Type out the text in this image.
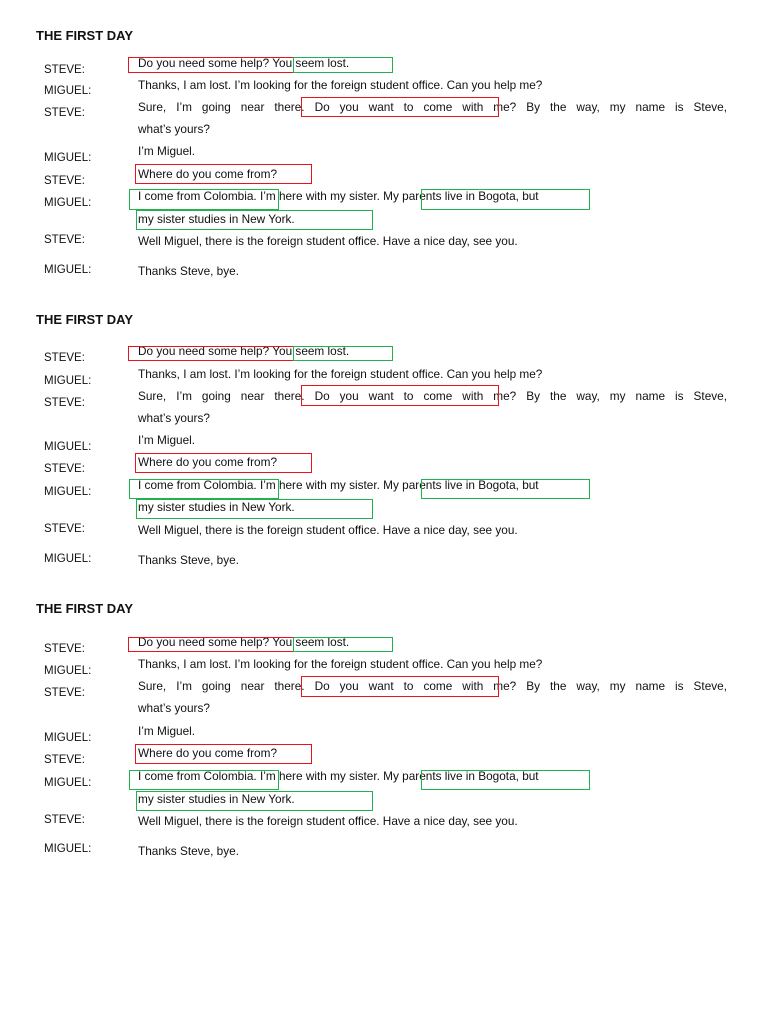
THE FIRST DAY
STEVE:
MIGUEL:
STEVE:
MIGUEL:
STEVE:
MIGUEL:
STEVE:
MIGUEL:
Do you need some help? You seem lost.
Thanks, I am lost. I’m looking for the foreign student office. Can you help me?
Sure, I’m going near there. Do you want to come with me? By the way, my name is Steve,
what’s yours?
I’m Miguel.
Where do you come from?
I come from Colombia. I’m here with my sister. My parents live in Bogota, but
my sister studies in New York.
Well Miguel, there is the foreign student office. Have a nice day, see you.
Thanks Steve, bye.
THE FIRST DAY
STEVE:
MIGUEL:
STEVE:
MIGUEL:
STEVE:
MIGUEL:
STEVE:
MIGUEL:
Do you need some help? You seem lost.
Thanks, I am lost. I’m looking for the foreign student office. Can you help me?
Sure, I’m going near there. Do you want to come with me? By the way, my name is Steve,
what’s yours?
I’m Miguel.
Where do you come from?
I come from Colombia. I’m here with my sister. My parents live in Bogota, but
my sister studies in New York.
Well Miguel, there is the foreign student office. Have a nice day, see you.
Thanks Steve, bye.
THE FIRST DAY
STEVE:
MIGUEL:
STEVE:
MIGUEL:
STEVE:
MIGUEL:
STEVE:
MIGUEL:
Do you need some help? You seem lost.
Thanks, I am lost. I’m looking for the foreign student office. Can you help me?
Sure, I’m going near there. Do you want to come with me? By the way, my name is Steve,
what’s yours?
I’m Miguel.
Where do you come from?
I come from Colombia. I’m here with my sister. My parents live in Bogota, but
my sister studies in New York.
Well Miguel, there is the foreign student office. Have a nice day, see you.
Thanks Steve, bye.
